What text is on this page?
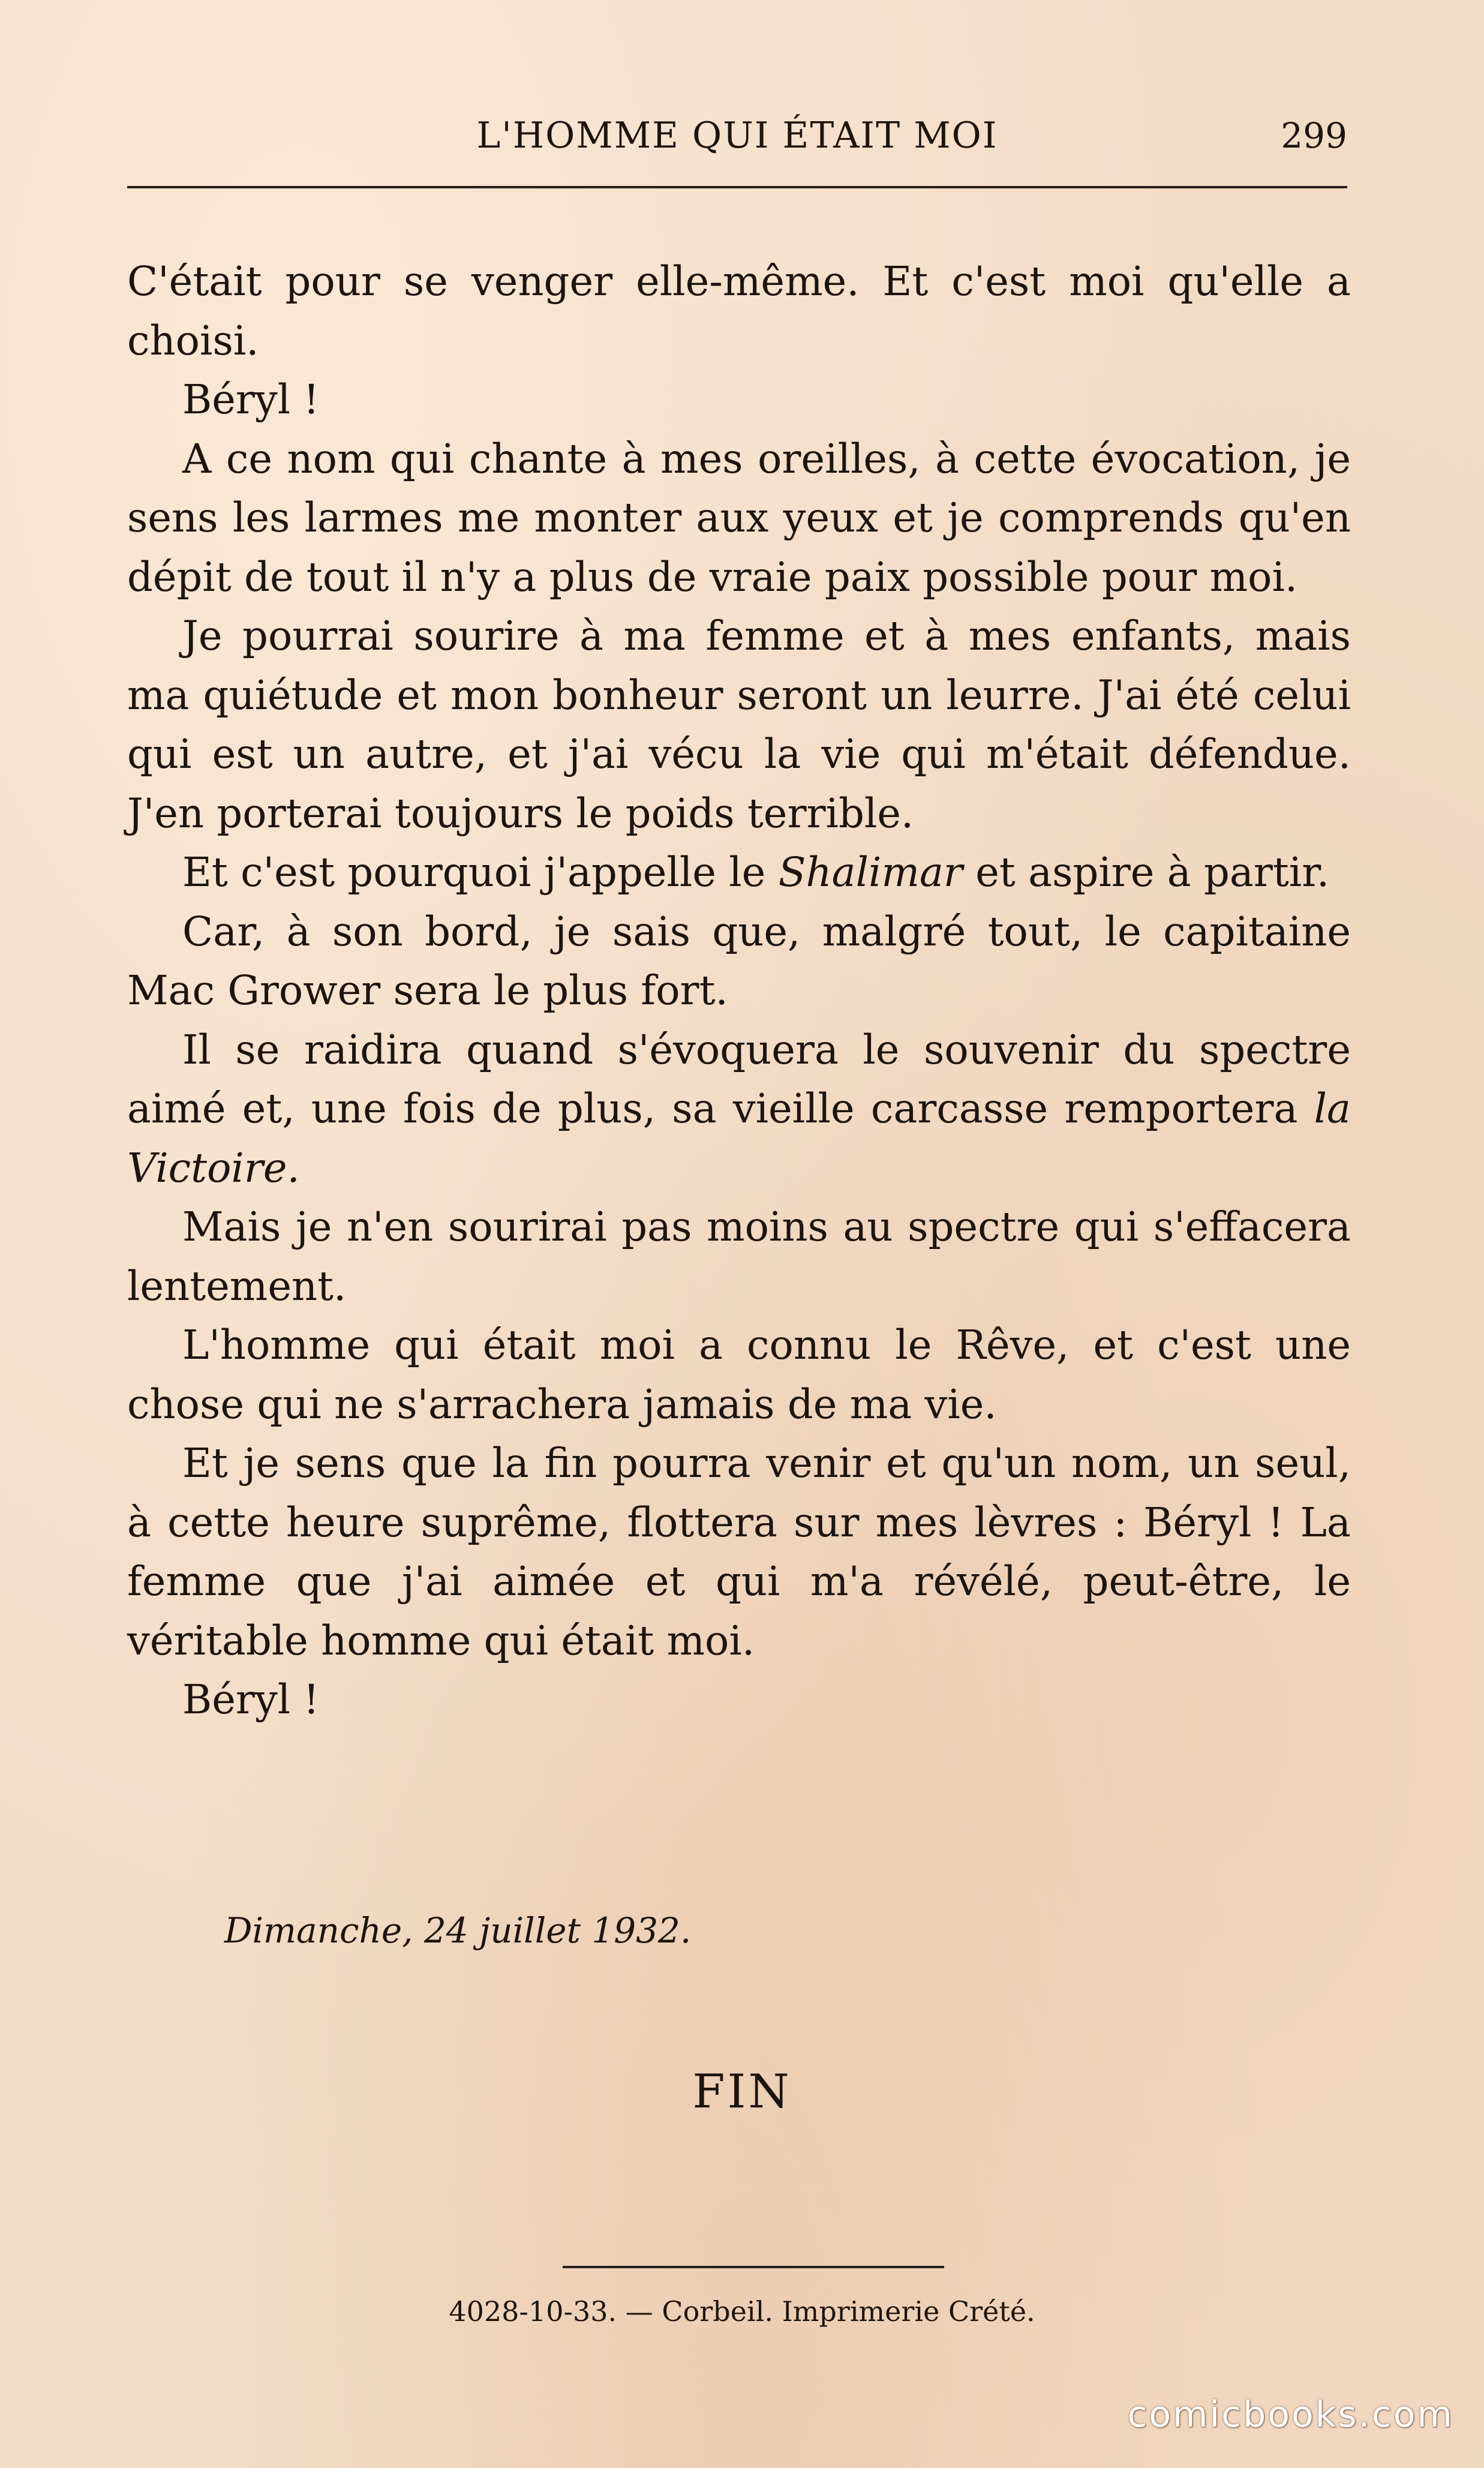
L'HOMME QUI ÉTAIT MOI	299

C'était pour se venger elle-même. Et c'est moi qu'elle a choisi.

Béryl !

A ce nom qui chante à mes oreilles, à cette évocation, je sens les larmes me monter aux yeux et je comprends qu'en dépit de tout il n'y a plus de vraie paix possible pour moi.

Je pourrai sourire à ma femme et à mes enfants, mais ma quiétude et mon bonheur seront un leurre. J'ai été celui qui est un autre, et j'ai vécu la vie qui m'était défendue. J'en porterai toujours le poids terrible.

Et c'est pourquoi j'appelle le Shalimar et aspire à partir.

Car, à son bord, je sais que, malgré tout, le capitaine Mac Grower sera le plus fort.

Il se raidira quand s'évoquera le souvenir du spectre aimé et, une fois de plus, sa vieille carcasse remportera la Victoire.

Mais je n'en sourirai pas moins au spectre qui s'effacera lentement.

L'homme qui était moi a connu le Rêve, et c'est une chose qui ne s'arrachera jamais de ma vie.

Et je sens que la fin pourra venir et qu'un nom, un seul, à cette heure suprême, flottera sur mes lèvres : Béryl ! La femme que j'ai aimée et qui m'a révélé, peut-être, le véritable homme qui était moi.

Béryl !

Dimanche, 24 juillet 1932.
FIN
4028-10-33. — Corbeil. Imprimerie Crété.
comicbooks.com
